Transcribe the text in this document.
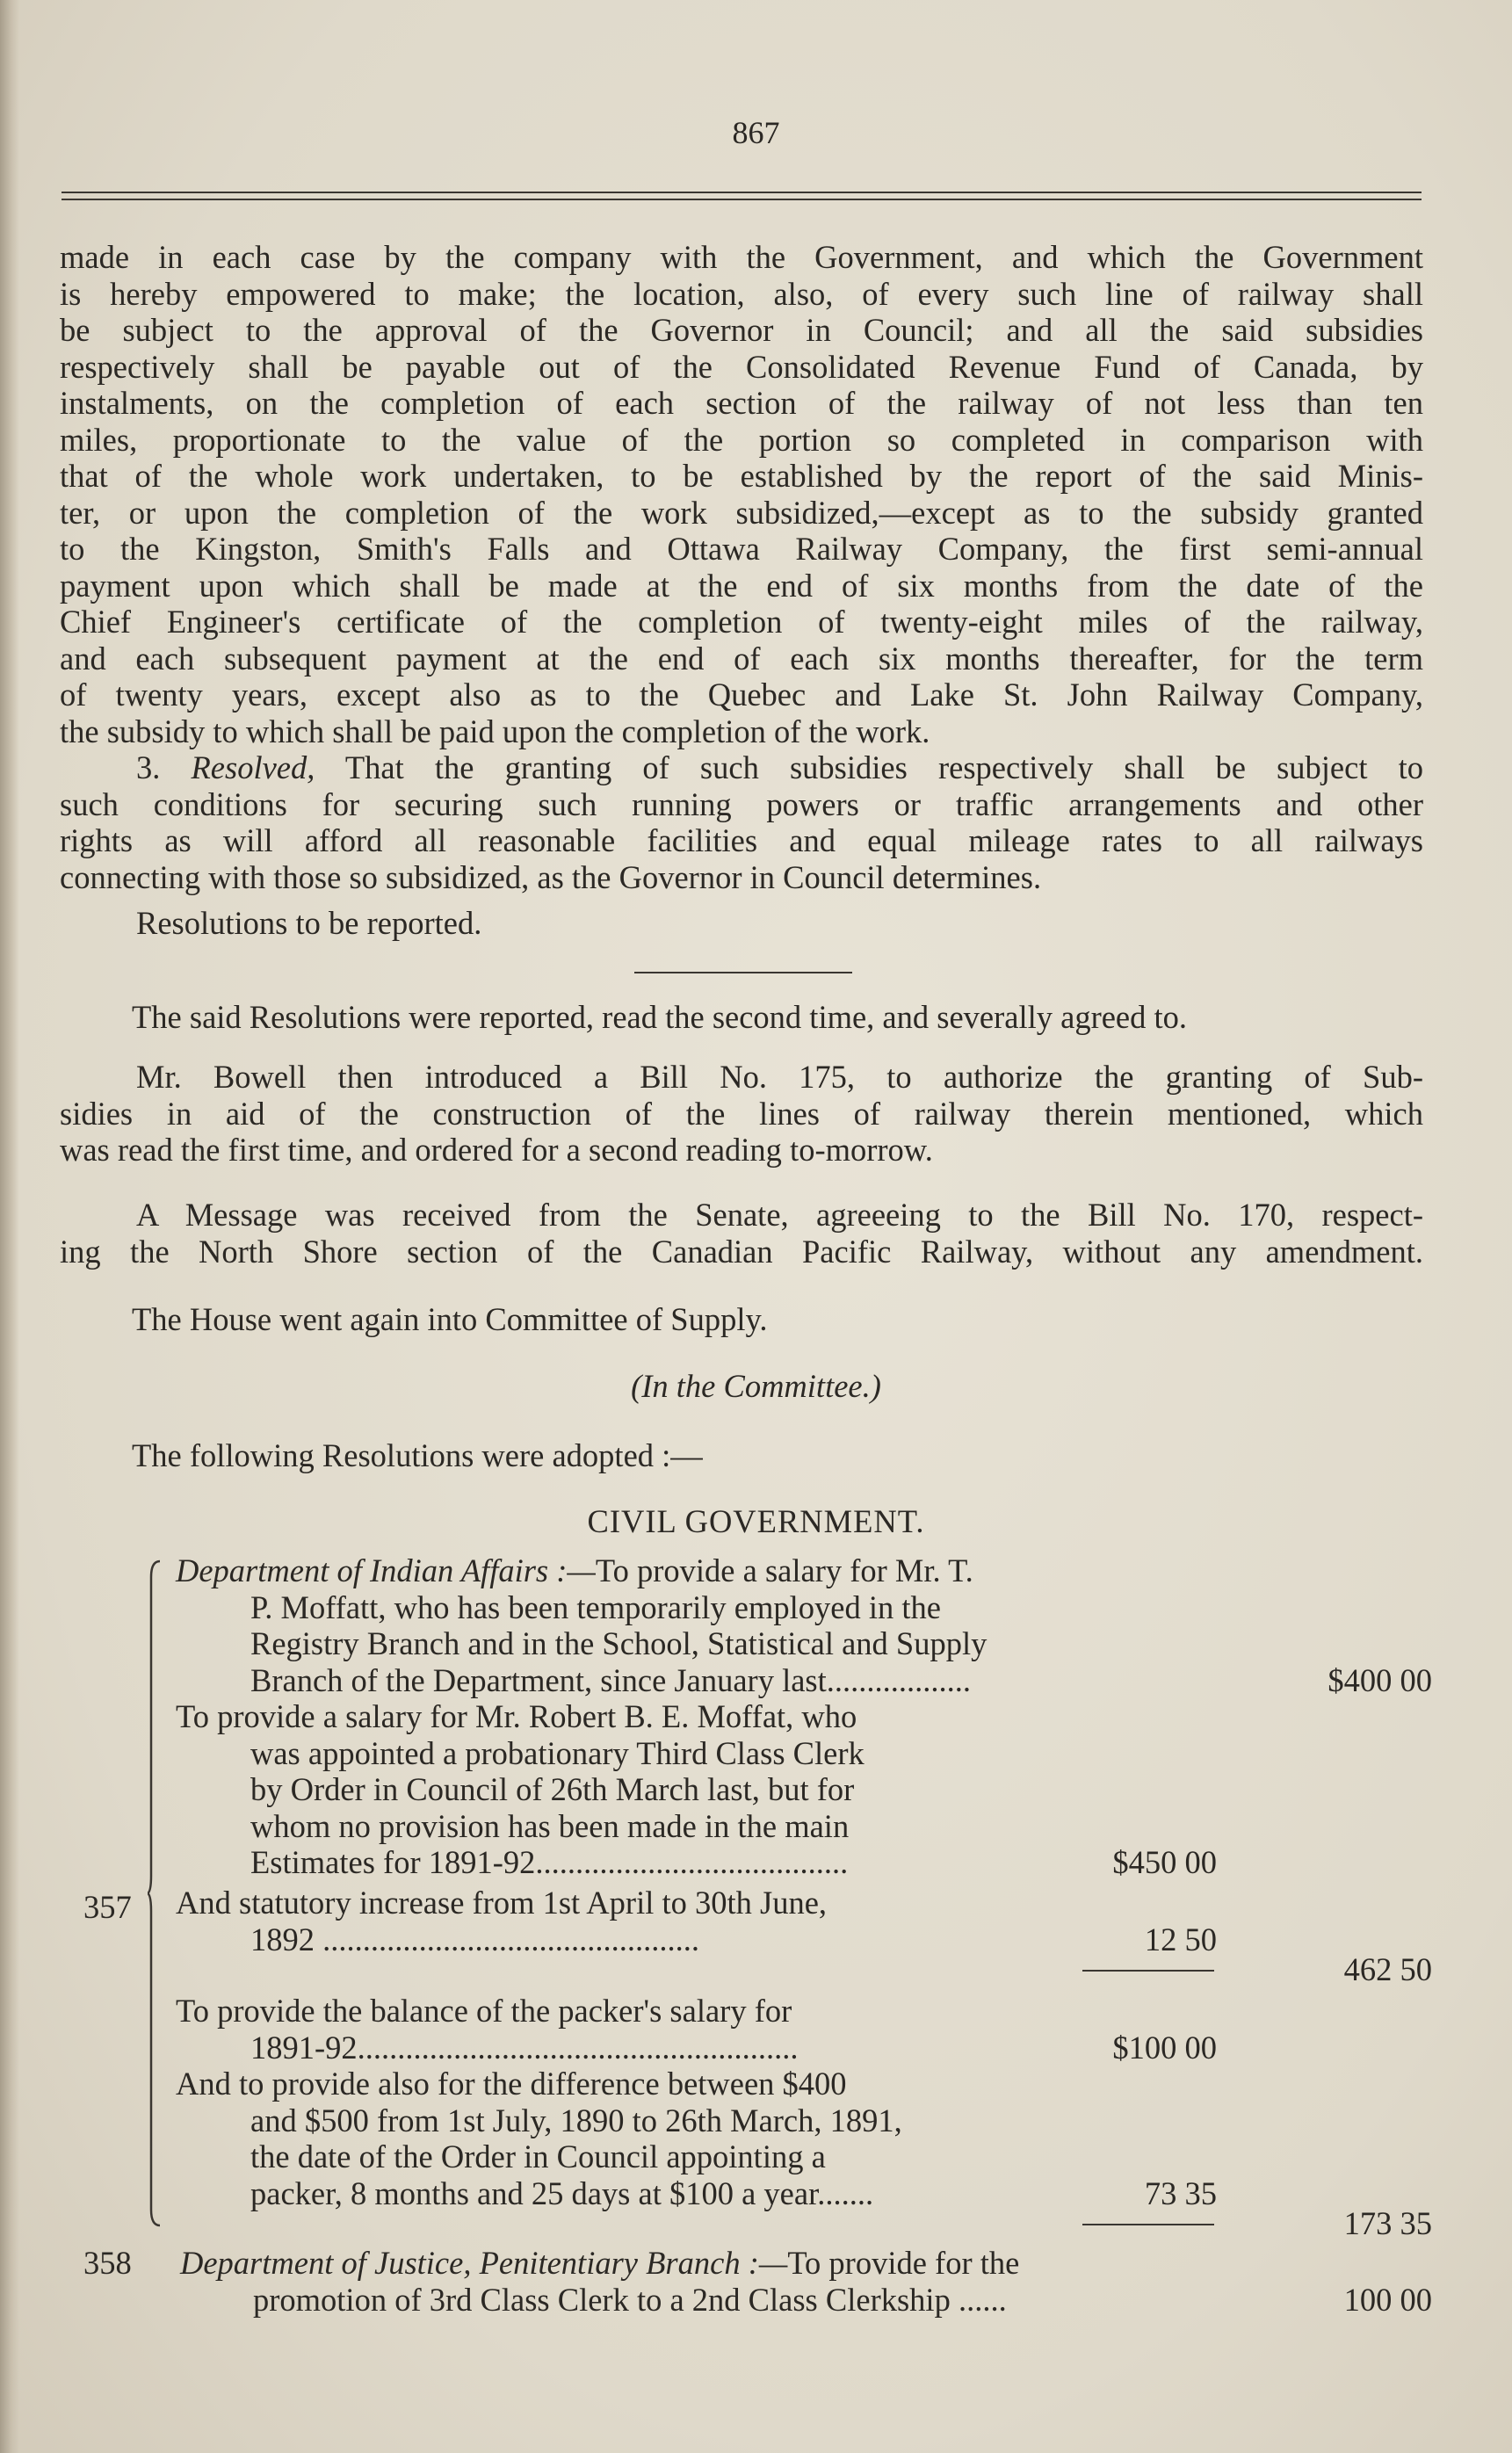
867
made in each case by the company with the Government, and which the Government
is hereby empowered to make; the location, also, of every such line of railway shall
be subject to the approval of the Governor in Council; and all the said subsidies
respectively shall be payable out of the Consolidated Revenue Fund of Canada, by
instalments, on the completion of each section of the railway of not less than ten
miles, proportionate to the value of the portion so completed in comparison with
that of the whole work undertaken, to be established by the report of the said Minis-
ter, or upon the completion of the work subsidized,—except as to the subsidy granted
to the Kingston, Smith's Falls and Ottawa Railway Company, the first semi-annual
payment upon which shall be made at the end of six months from the date of the
Chief Engineer's certificate of the completion of twenty-eight miles of the railway,
and each subsequent payment at the end of each six months thereafter, for the term
of twenty years, except also as to the Quebec and Lake St. John Railway Company,
the subsidy to which shall be paid upon the completion of the work.
3. Resolved, That the granting of such subsidies respectively shall be subject to
such conditions for securing such running powers or traffic arrangements and other
rights as will afford all reasonable facilities and equal mileage rates to all railways
connecting with those so subsidized, as the Governor in Council determines.
Resolutions to be reported.
The said Resolutions were reported, read the second time, and severally agreed to.
Mr. Bowell then introduced a Bill No. 175, to authorize the granting of Sub-
sidies in aid of the construction of the lines of railway therein mentioned, which
was read the first time, and ordered for a second reading to-morrow.
A Message was received from the Senate, agreeeing to the Bill No. 170, respect-
ing the North Shore section of the Canadian Pacific Railway, without any amendment.
The House went again into Committee of Supply.
(In the Committee.)
The following Resolutions were adopted :—
CIVIL GOVERNMENT.
357
Department of Indian Affairs :—To provide a salary for Mr. T.
P. Moffatt, who has been temporarily employed in the
Registry Branch and in the School, Statistical and Supply
Branch of the Department, since January last..................	$400 00
To provide a salary for Mr. Robert B. E. Moffat, who
was appointed a probationary Third Class Clerk
by Order in Council of 26th March last, but for
whom no provision has been made in the main
Estimates for 1891-92.......................................	$450 00
And statutory increase from 1st April to 30th June,
1892 ...............................................	12 50
462 50
To provide the balance of the packer's salary for
1891-92.......................................................	$100 00
And to provide also for the difference between $400
and $500 from 1st July, 1890 to 26th March, 1891,
the date of the Order in Council appointing a
packer, 8 months and 25 days at $100 a year.......	73 35
173 35
358 Department of Justice, Penitentiary Branch :—To provide for the
promotion of 3rd Class Clerk to a 2nd Class Clerkship ......	100 00
